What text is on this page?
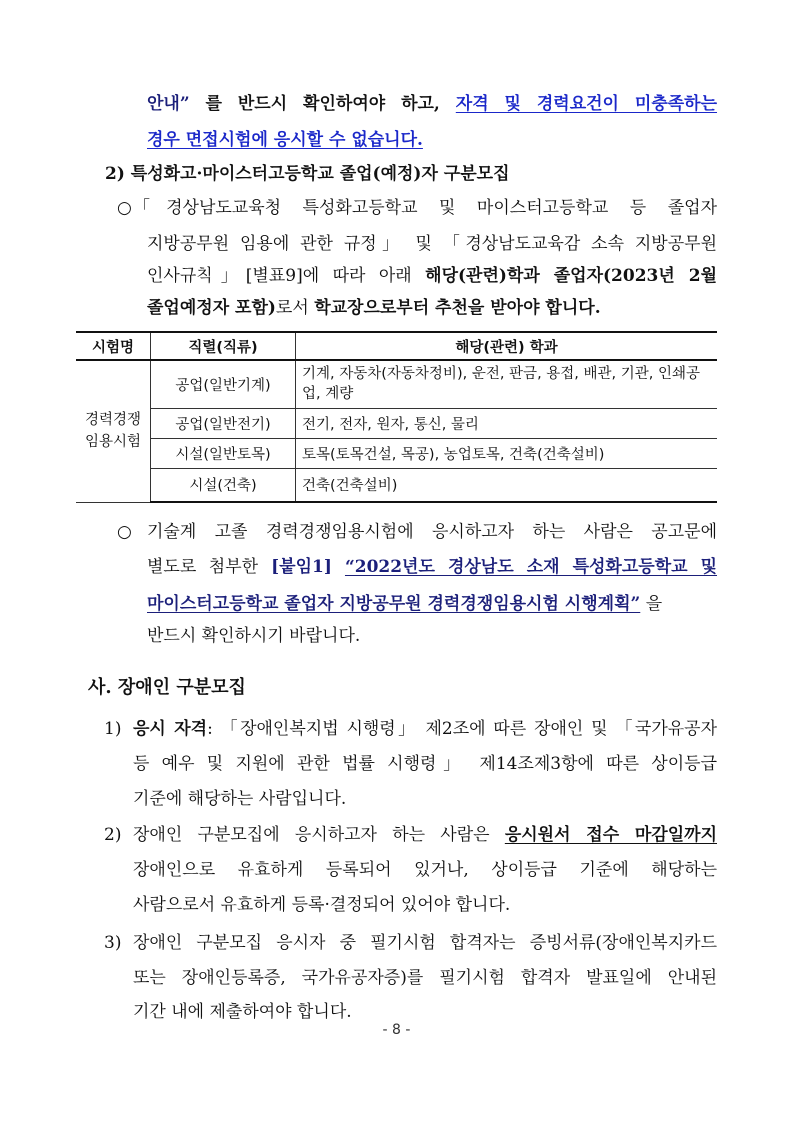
안내” 를 반드시 확인하여야 하고, 자격 및 경력요건이 미충족하는
경우 면접시험에 응시할 수 없습니다.
2) 특성화고·마이스터고등학교 졸업(예정)자 구분모집
○ 「경상남도교육청 특성화고등학교 및 마이스터고등학교 등 졸업자
지방공무원 임용에 관한 규정」 및 「경상남도교육감 소속 지방공무원
인사규칙」[별표9]에 따라 아래 해당(관련)학과 졸업자(2023년 2월
졸업예정자 포함)로서 학교장으로부터 추천을 받아야 합니다.
시험명	직렬(직류)	해당(관련) 학과
경력경쟁 임용시험	공업(일반기계)	기계, 자동차(자동차정비), 운전, 판금, 용접, 배관, 기관, 인쇄공업, 계량
	공업(일반전기)	전기, 전자, 원자, 통신, 물리
	시설(일반토목)	토목(토목건설, 목공), 농업토목, 건축(건축설비)
	시설(건축)	건축(건축설비)
○ 기술계 고졸 경력경쟁임용시험에 응시하고자 하는 사람은 공고문에
별도로 첨부한 [붙임1] “2022년도 경상남도 소재 특성화고등학교 및
마이스터고등학교 졸업자 지방공무원 경력경쟁임용시험 시행계획” 을
반드시 확인하시기 바랍니다.
사. 장애인 구분모집
1) 응시 자격: 「장애인복지법 시행령」 제2조에 따른 장애인 및 「국가유공자
등 예우 및 지원에 관한 법률 시행령」 제14조제3항에 따른 상이등급
기준에 해당하는 사람입니다.
2) 장애인 구분모집에 응시하고자 하는 사람은 응시원서 접수 마감일까지
장애인으로 유효하게 등록되어 있거나, 상이등급 기준에 해당하는
사람으로서 유효하게 등록·결정되어 있어야 합니다.
3) 장애인 구분모집 응시자 중 필기시험 합격자는 증빙서류(장애인복지카드
또는 장애인등록증, 국가유공자증)를 필기시험 합격자 발표일에 안내된
기간 내에 제출하여야 합니다.
- 8 -
